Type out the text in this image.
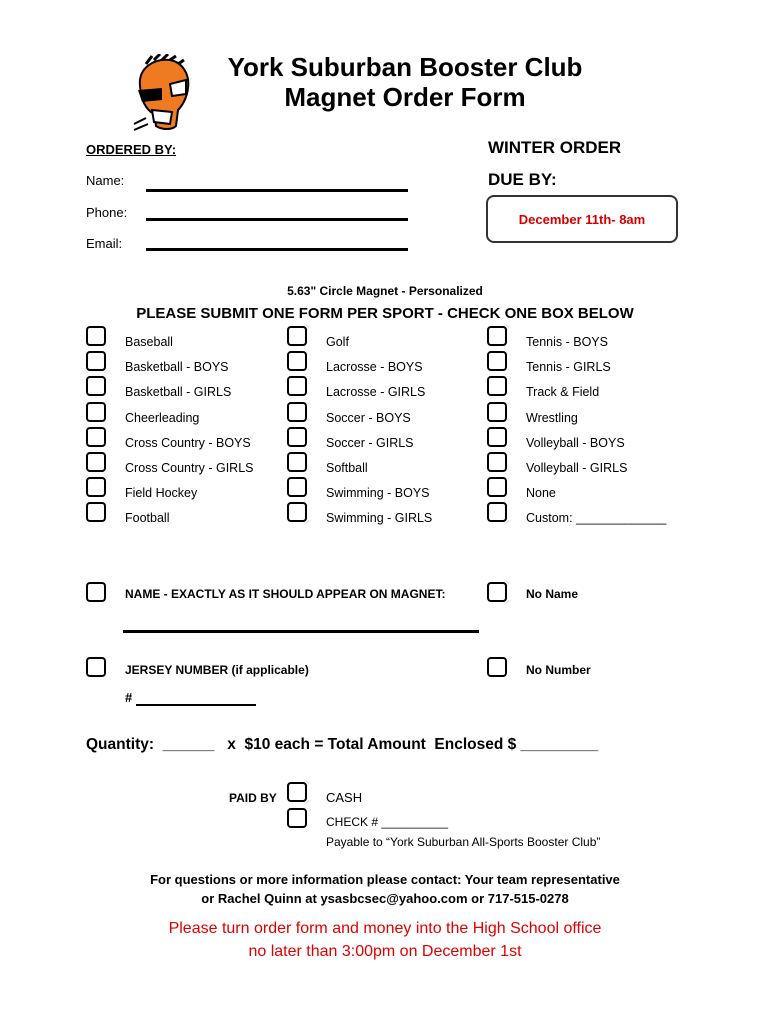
York Suburban Booster Club
Magnet Order Form
ORDERED BY:
Name:
Phone:
Email:
WINTER ORDER
DUE BY:
December 11th- 8am
5.63" Circle Magnet - Personalized
PLEASE SUBMIT ONE FORM PER SPORT - CHECK ONE BOX BELOW
Baseball
Basketball - BOYS
Basketball - GIRLS
Cheerleading
Cross Country - BOYS
Cross Country - GIRLS
Field Hockey
Football
Golf
Lacrosse - BOYS
Lacrosse - GIRLS
Soccer - BOYS
Soccer - GIRLS
Softball
Swimming - BOYS
Swimming - GIRLS
Tennis - BOYS
Tennis - GIRLS
Track & Field
Wrestling
Volleyball - BOYS
Volleyball - GIRLS
None
Custom: _____________
NAME - EXACTLY AS IT SHOULD APPEAR ON MAGNET:	No Name
JERSEY NUMBER (if applicable)	No Number
#
Quantity:  ______   x  $10 each = Total Amount  Enclosed $ _________
PAID BY	CASH
CHECK # __________
Payable to “York Suburban All-Sports Booster Club”
For questions or more information please contact: Your team representative
or Rachel Quinn at ysasbcsec@yahoo.com or 717-515-0278
Please turn order form and money into the High School office
no later than 3:00pm on December 1st
